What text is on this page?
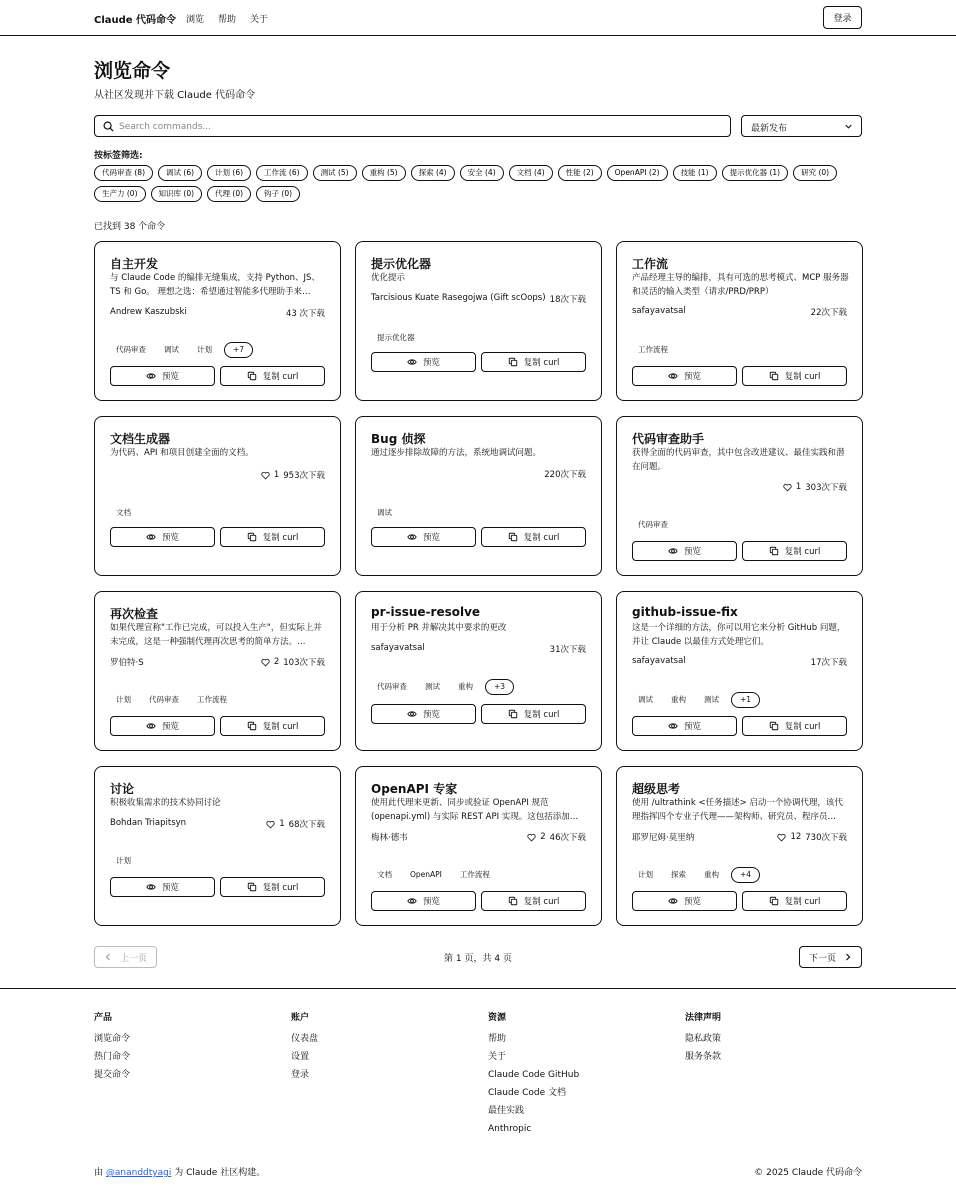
Claude 代码命令 浏览 帮助 关于	登录
浏览命令

从社区发现并下载 Claude 代码命令

Search commands...
最新发布
按标签筛选:
代码审查 (8)	调试 (6)	计划 (6)	工作流 (6)	测试 (5)	重构 (5)	探索 (4)	安全 (4)	文档 (4)	性能 (2)	OpenAPI (2)	技能 (1)	提示优化器 (1)	研究 (0)
生产力 (0)	知识库 (0)	代理 (0)	钩子 (0)
已找到 38 个命令
自主开发
与 Claude Code 的编排无缝集成，支持 Python、JS、TS 和 Go。 理想之选：希望通过智能多代理助手来…
Andrew Kaszubski	43 次下载
代码审查	调试	计划	+7
预览	复制 curl
提示优化器
优化提示
Tarcisious Kuate Rasegojwa (Gift scOops) 18次下载
提示优化器
预览	复制 curl
工作流
产品经理主导的编排，具有可选的思考模式、MCP 服务器和灵活的输入类型（请求/PRD/PRP）
safayavatsal	22次下载
工作流程
预览	复制 curl
文档生成器
为代码、API 和项目创建全面的文档。
1 953次下载
文档
预览	复制 curl
Bug 侦探
通过逐步排除故障的方法，系统地调试问题。
220次下载
调试
预览	复制 curl
代码审查助手
获得全面的代码审查，其中包含改进建议、最佳实践和潜在问题。
1 303次下载
代码审查
预览	复制 curl
再次检查
如果代理宣称"工作已完成，可以投入生产"，但实际上并未完成，这是一种强制代理再次思考的简单方法。…
罗伯特·S	2 103次下载
计划	代码审查	工作流程
预览	复制 curl
pr-issue-resolve
用于分析 PR 并解决其中要求的更改
safayavatsal	31次下载
代码审查	测试	重构	+3
预览	复制 curl
github-issue-fix
这是一个详细的方法，你可以用它来分析 GitHub 问题，并让 Claude 以最佳方式处理它们。
safayavatsal	17次下载
调试	重构	测试	+1
预览	复制 curl
讨论
积极收集需求的技术协同讨论
Bohdan Triapitsyn	1 68次下载
计划
预览	复制 curl
OpenAPI 专家
使用此代理来更新、同步或验证 OpenAPI 规范 (openapi.yml) 与实际 REST API 实现。这包括添加…
梅林·德韦	2 46次下载
文档	OpenAPI	工作流程
预览	复制 curl
超级思考
使用 /ultrathink <任务描述> 启动一个协调代理，该代理指挥四个专业子代理——架构师、研究员、程序员…
耶罗尼姆·莫里纳	12 730次下载
计划	探索	重构	+4
预览	复制 curl
上一页	第 1 页，共 4 页	下一页
产品
浏览命令
热门命令
提交命令
账户
仪表盘
设置
登录
资源
帮助
关于
Claude Code GitHub
Claude Code 文档
最佳实践
Anthropic
法律声明
隐私政策
服务条款
由 @ananddtyagi 为 Claude 社区构建。	© 2025 Claude 代码命令
